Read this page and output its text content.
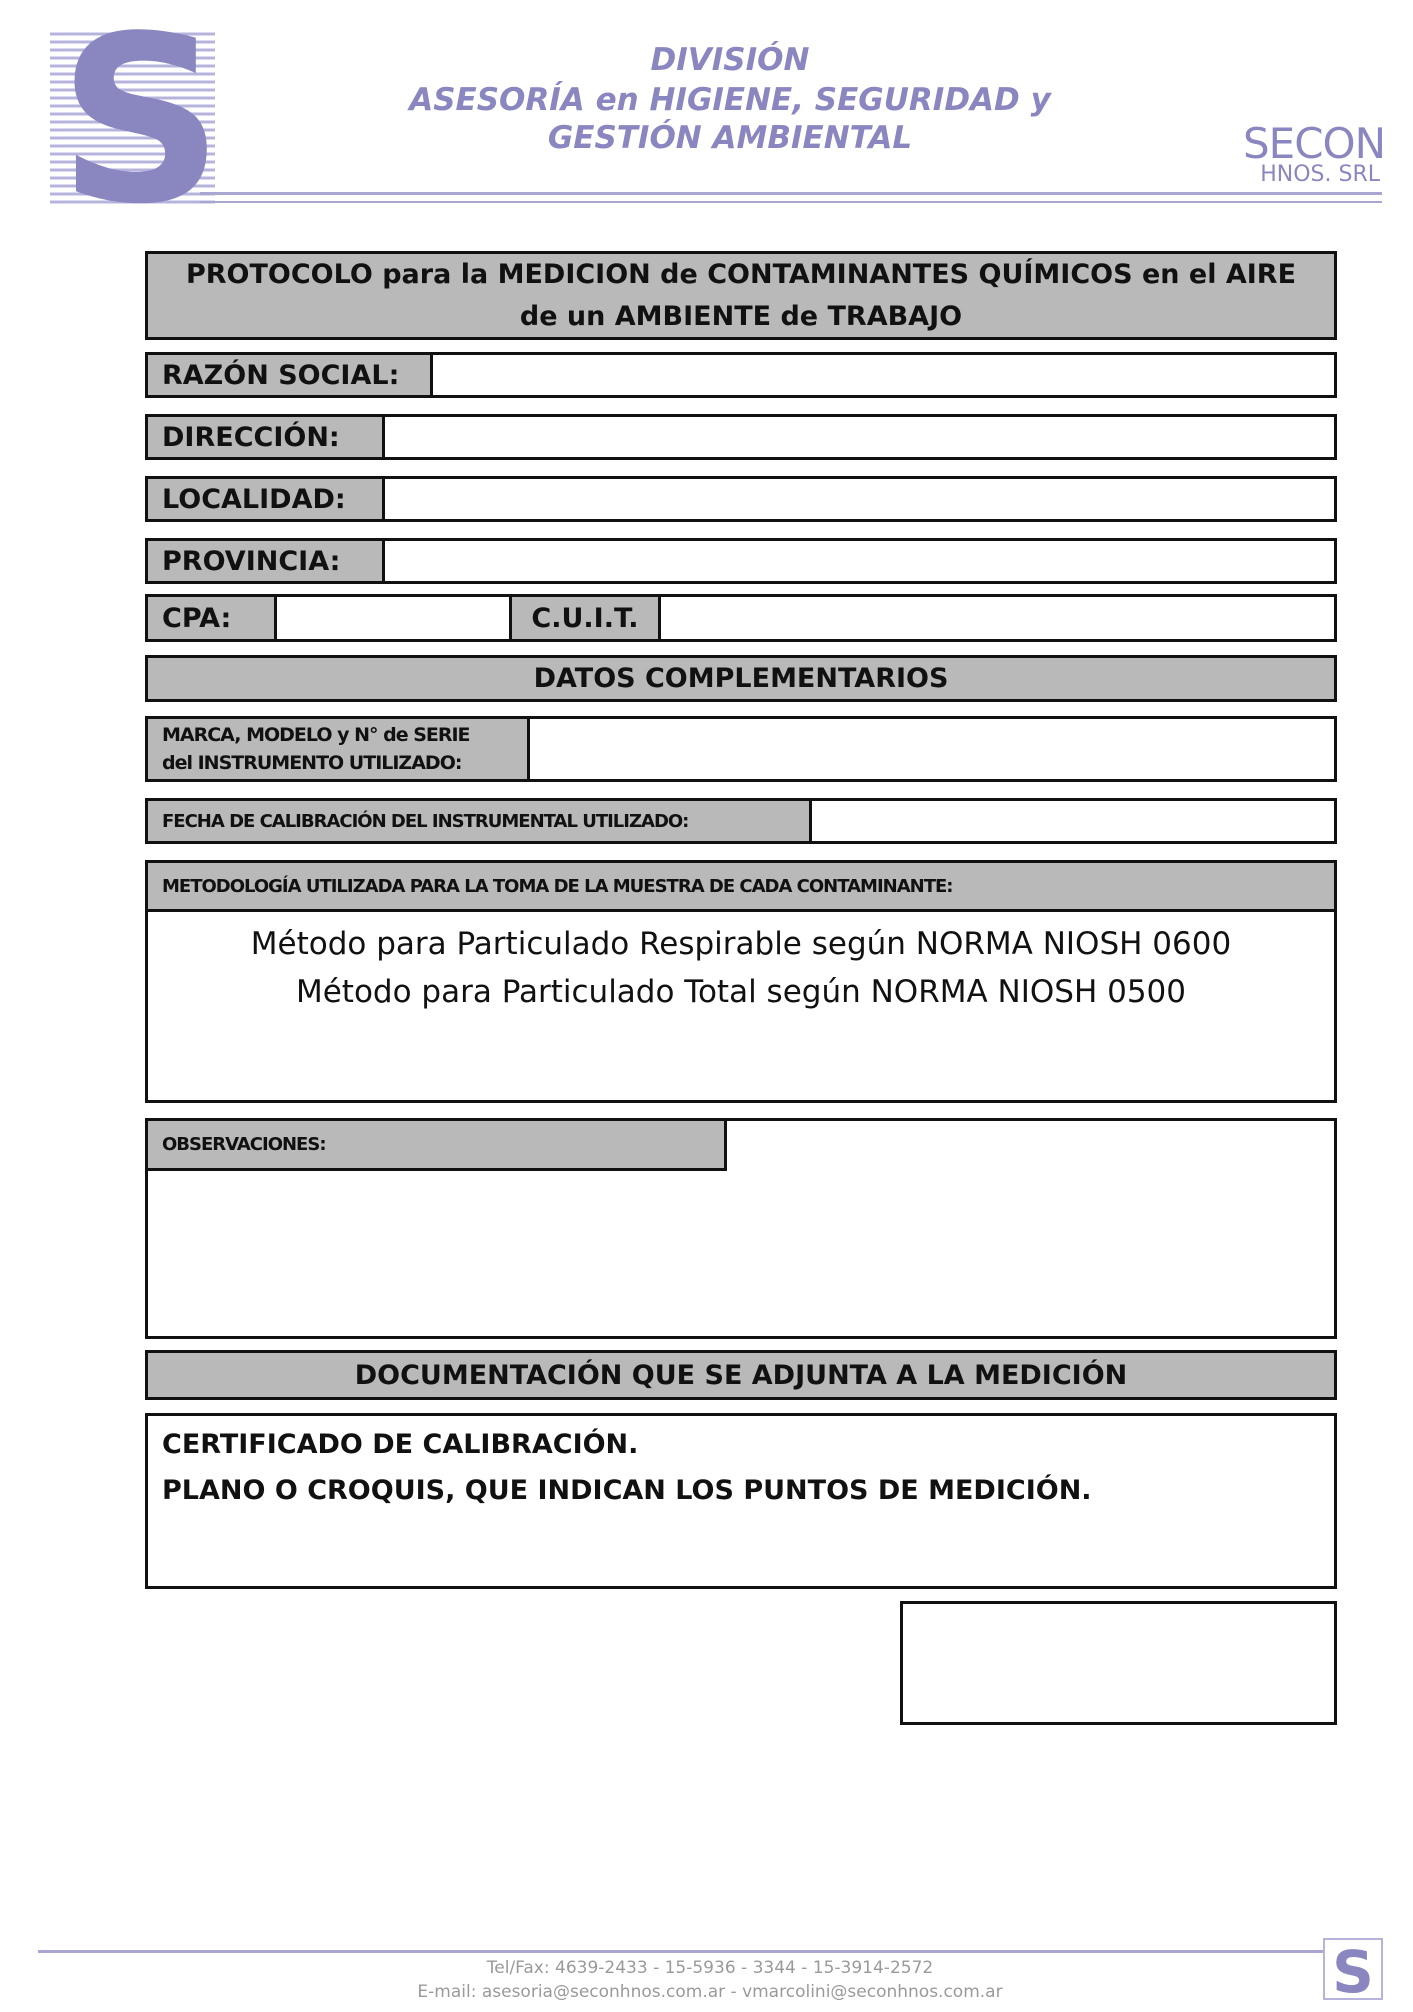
DIVISIÓN
ASESORÍA en HIGIENE, SEGURIDAD y
GESTIÓN AMBIENTAL	SECON
HNOS. SRL
PROTOCOLO para la MEDICION de CONTAMINANTES QUÍMICOS en el AIRE de un AMBIENTE de TRABAJO
RAZÓN SOCIAL:
DIRECCIÓN:
LOCALIDAD:
PROVINCIA:
CPA:	C.U.I.T.
DATOS COMPLEMENTARIOS
MARCA, MODELO y N° de SERIE
del INSTRUMENTO UTILIZADO:
FECHA DE CALIBRACIÓN DEL INSTRUMENTAL UTILIZADO:
METODOLOGÍA UTILIZADA PARA LA TOMA DE LA MUESTRA DE CADA CONTAMINANTE:
Método para Particulado Respirable según NORMA NIOSH 0600
Método para Particulado Total según NORMA NIOSH 0500
OBSERVACIONES:
DOCUMENTACIÓN QUE SE ADJUNTA A LA MEDICIÓN
CERTIFICADO DE CALIBRACIÓN.
PLANO O CROQUIS, QUE INDICAN LOS PUNTOS DE MEDICIÓN.
Tel/Fax: 4639-2433 - 15-5936 - 3344 - 15-3914-2572
E-mail: asesoria@seconhnos.com.ar - vmarcolini@seconhnos.com.ar	S
